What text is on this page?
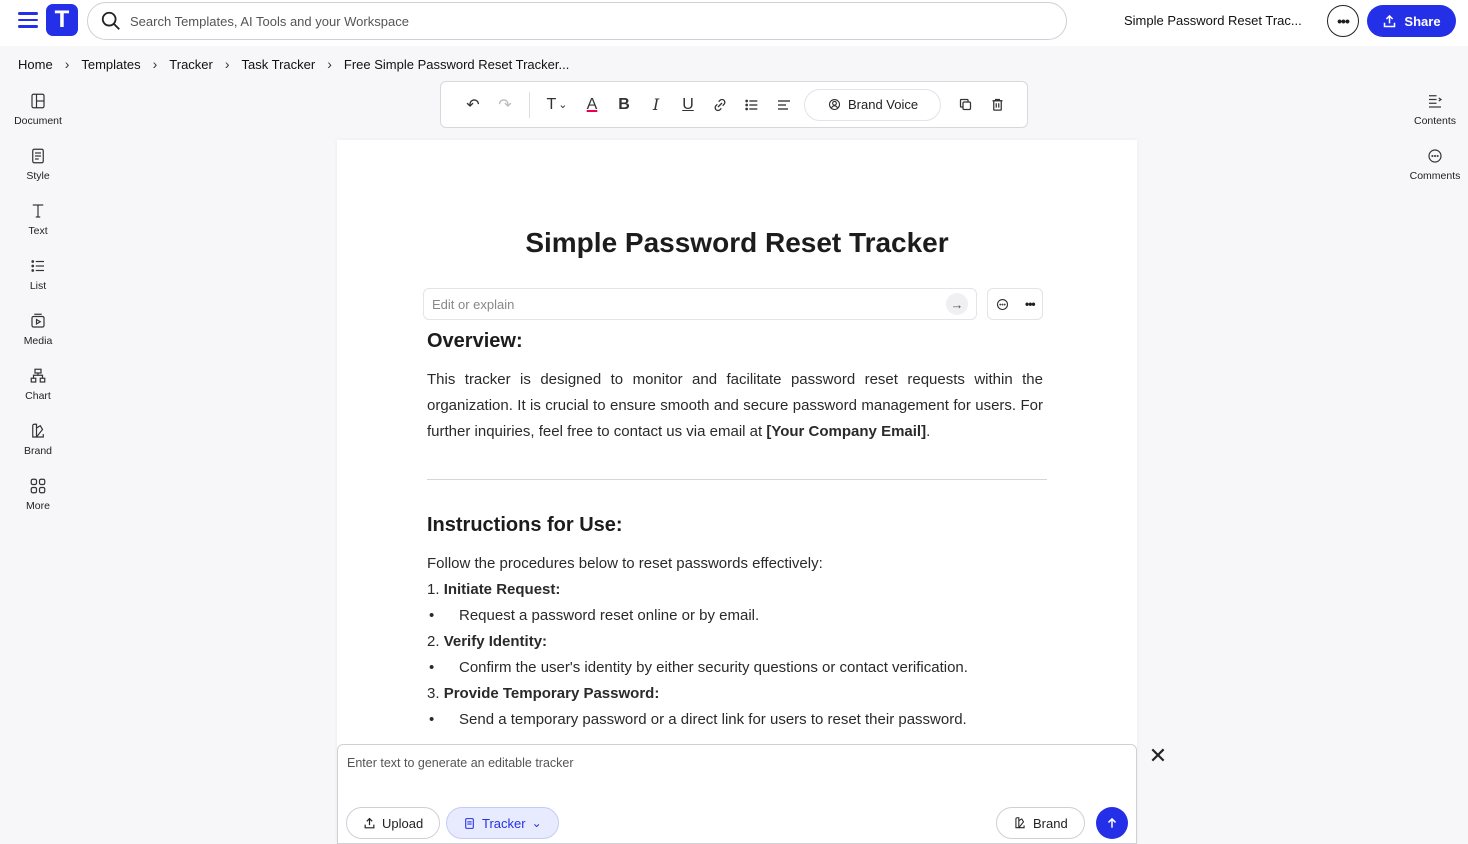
T	Search Templates, AI Tools and your Workspace	Simple Password Reset Trac...	•••	Share
Home › Templates › Tracker › Task Tracker › Free Simple Password Reset Tracker...
Document
Style
Text
List
Media
Chart
Brand
More
Contents
Comments
↶	↷	T ⌄	A	B	I	U	Brand Voice
Simple Password Reset Tracker
Edit or explain	→	•••
Overview:
This tracker is designed to monitor and facilitate password reset requests within the organization. It is crucial to ensure smooth and secure password management for users. For further inquiries, feel free to contact us via email at [Your Company Email].
Instructions for Use:
Follow the procedures below to reset passwords effectively:
1. Initiate Request:
• Request a password reset online or by email.
2. Verify Identity:
• Confirm the user's identity by either security questions or contact verification.
3. Provide Temporary Password:
• Send a temporary password or a direct link for users to reset their password.
Enter text to generate an editable tracker
Upload	Tracker ⌄	Brand
✕
